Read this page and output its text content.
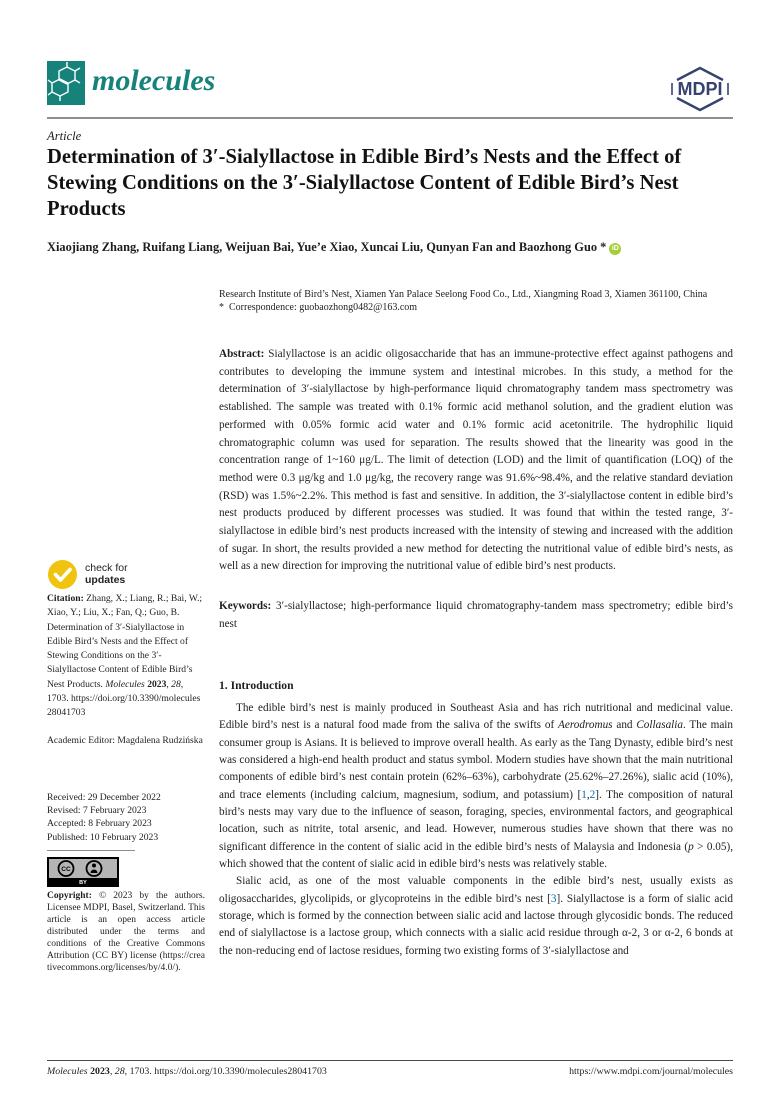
molecules	MDPI
Article
Determination of 3′-Sialyllactose in Edible Bird’s Nests and the Effect of Stewing Conditions on the 3′-Sialyllactose Content of Edible Bird’s Nest Products
Xiaojiang Zhang, Ruifang Liang, Weijuan Bai, Yue’e Xiao, Xuncai Liu, Qunyan Fan and Baozhong Guo * iD
Research Institute of Bird’s Nest, Xiamen Yan Palace Seelong Food Co., Ltd., Xiangming Road 3, Xiamen 361100, China
* Correspondence: guobaozhong0482@163.com

Abstract: Sialyllactose is an acidic oligosaccharide that has an immune-protective effect against pathogens and contributes to developing the immune system and intestinal microbes. In this study, a method for the determination of 3′-sialyllactose by high-performance liquid chromatography tandem mass spectrometry was established. The sample was treated with 0.1% formic acid methanol solution, and the gradient elution was performed with 0.05% formic acid water and 0.1% formic acid acetonitrile. The hydrophilic liquid chromatographic column was used for separation. The results showed that the linearity was good in the concentration range of 1~160 μg/L. The limit of detection (LOD) and the limit of quantification (LOQ) of the method were 0.3 μg/kg and 1.0 μg/kg, the recovery range was 91.6%~98.4%, and the relative standard deviation (RSD) was 1.5%~2.2%. This method is fast and sensitive. In addition, the 3′-sialyllactose content in edible bird’s nest products produced by different processes was studied. It was found that within the tested range, 3′-sialyllactose in edible bird’s nest products increased with the intensity of stewing and increased with the addition of sugar. In short, the results provided a new method for detecting the nutritional value of edible bird’s nests, as well as a new direction for improving the nutritional value of edible bird’s nest products.

Keywords: 3′-sialyllactose; high-performance liquid chromatography-tandem mass spectrometry; edible bird’s nest

1. Introduction

The edible bird’s nest is mainly produced in Southeast Asia and has rich nutritional and medicinal value. Edible bird’s nest is a natural food made from the saliva of the swifts of Aerodromus and Collasalia. The main consumer group is Asians. It is believed to improve overall health. As early as the Tang Dynasty, edible bird’s nest was considered a high-end health product and status symbol. Modern studies have shown that the main nutritional components of edible bird’s nest contain protein (62%–63%), carbohydrate (25.62%–27.26%), sialic acid (10%), and trace elements (including calcium, magnesium, sodium, and potassium) [1,2]. The composition of natural bird’s nests may vary due to the influence of season, foraging, species, environmental factors, and geographical location, such as nitrite, total arsenic, and lead. However, numerous studies have shown that there was no significant difference in the content of sialic acid in the edible bird’s nests of Malaysia and Indonesia (p > 0.05), which showed that the content of sialic acid in edible bird’s nests was relatively stable.

Sialic acid, as one of the most valuable components in the edible bird’s nest, usually exists as oligosaccharides, glycolipids, or glycoproteins in the edible bird’s nest [3]. Sialyllactose is a form of sialic acid storage, which is formed by the connection between sialic acid and lactose through glycosidic bonds. The reduced end of sialyllactose is a lactose group, which connects with a sialic acid residue through α-2, 3 or α-2, 6 bonds at the non-reducing end of lactose residues, forming two existing forms of 3′-sialyllactose and

check for
updates
Citation: Zhang, X.; Liang, R.; Bai, W.; Xiao, Y.; Liu, X.; Fan, Q.; Guo, B. Determination of 3′-Sialyllactose in Edible Bird’s Nests and the Effect of Stewing Conditions on the 3′-Sialyllactose Content of Edible Bird’s Nest Products. Molecules 2023, 28, 1703. https://doi.org/10.3390/molecules28041703
Academic Editor: Magdalena Rudzińska
Received: 29 December 2022
Revised: 7 February 2023
Accepted: 8 February 2023
Published: 10 February 2023
CC
BY
Copyright: © 2023 by the authors. Licensee MDPI, Basel, Switzerland. This article is an open access article distributed under the terms and conditions of the Creative Commons Attribution (CC BY) license (https://creativecommons.org/licenses/by/4.0/).
Molecules 2023, 28, 1703. https://doi.org/10.3390/molecules28041703	https://www.mdpi.com/journal/molecules
